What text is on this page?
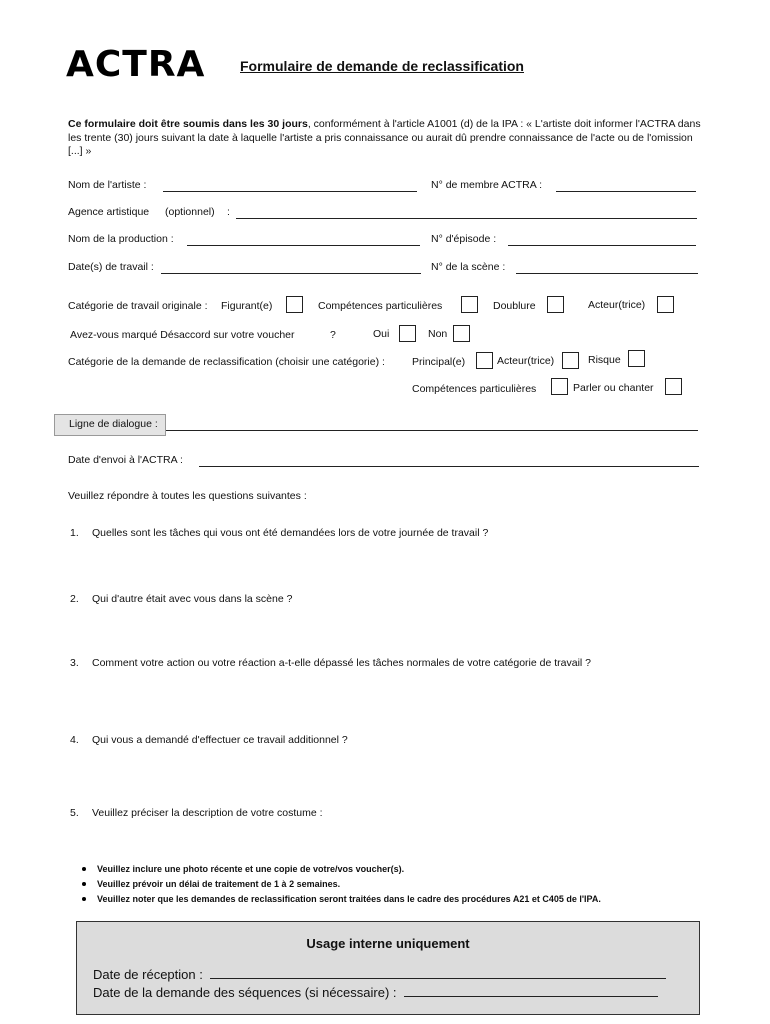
ACTRA Formulaire de demande de reclassification
Ce formulaire doit être soumis dans les 30 jours, conformément à l'article A1001 (d) de la IPA : « L'artiste doit informer l'ACTRA dans les trente (30) jours suivant la date à laquelle l'artiste a pris connaissance ou aurait dû prendre connaissance de l'acte ou de l'omission [...] »
Nom de l'artiste :	N° de membre ACTRA :
Agence artistique (optionnel) :
Nom de la production :	N° d'épisode :
Date(s) de travail :	N° de la scène :
Catégorie de travail originale : Figurant(e)	Compétences particulières	Doublure	Acteur(trice)
Avez-vous marqué Désaccord sur votre voucher	?	Oui	Non
Catégorie de la demande de reclassification (choisir une catégorie) :	Principal(e)	Acteur(trice)	Risque
Compétences particulières	Parler ou chanter
Ligne de dialogue :
Date d'envoi à l'ACTRA :
Veuillez répondre à toutes les questions suivantes :
1. Quelles sont les tâches qui vous ont été demandées lors de votre journée de travail ?
2. Qui d'autre était avec vous dans la scène ?
3. Comment votre action ou votre réaction a-t-elle dépassé les tâches normales de votre catégorie de travail ?
4. Qui vous a demandé d'effectuer ce travail additionnel ?
5. Veuillez préciser la description de votre costume :
Veuillez inclure une photo récente et une copie de votre/vos voucher(s).
Veuillez prévoir un délai de traitement de 1 à 2 semaines.
Veuillez noter que les demandes de reclassification seront traitées dans le cadre des procédures A21 et C405 de l'IPA.
Usage interne uniquement
Date de réception :
Date de la demande des séquences (si nécessaire) :
